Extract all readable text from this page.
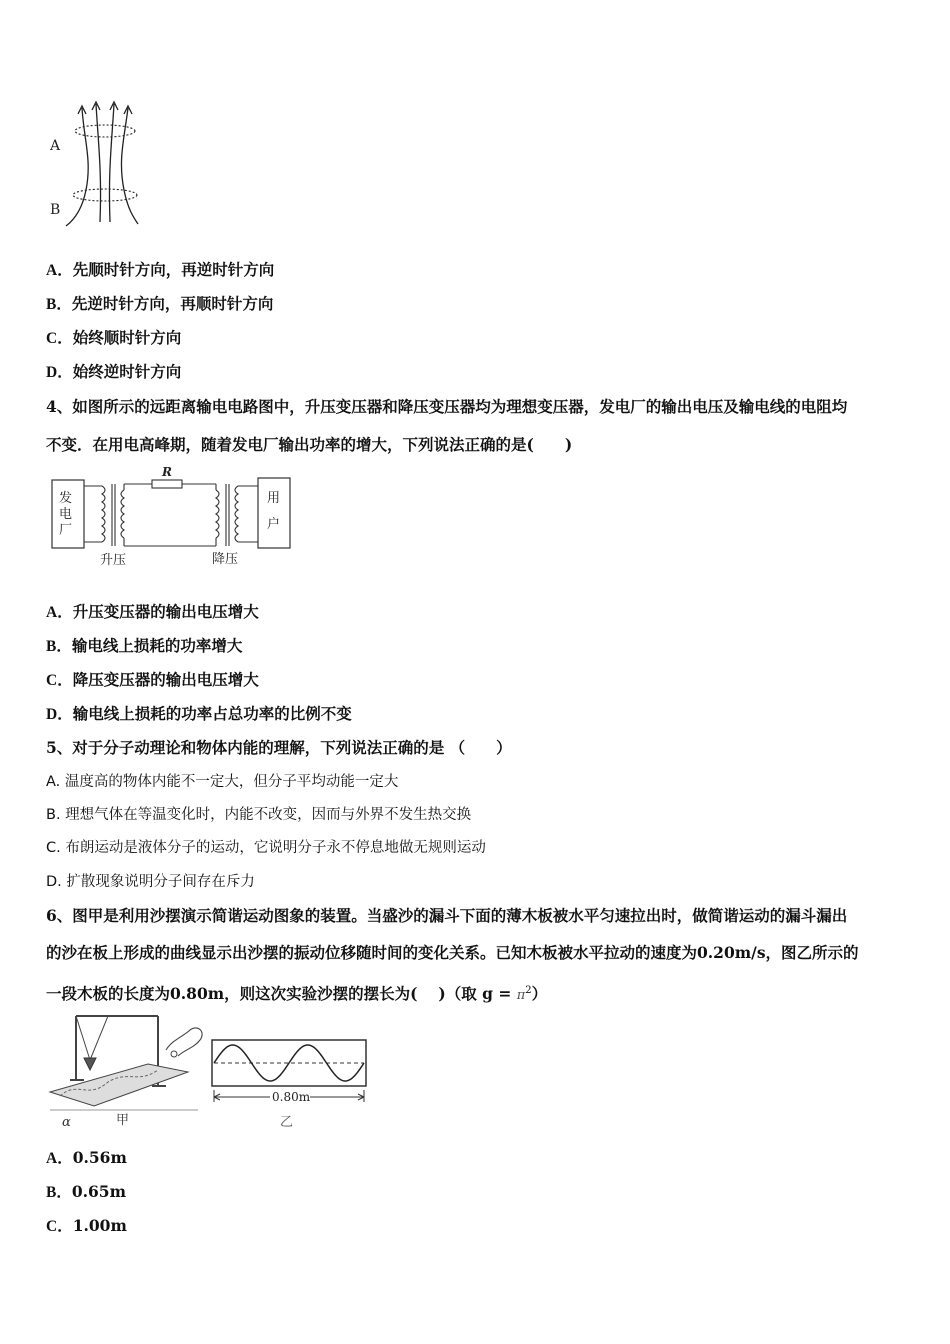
A
B
A．先顺时针方向，再逆时针方向
B．先逆时针方向，再顺时针方向
C．始终顺时针方向
D．始终逆时针方向
4、如图所示的远距离输电电路图中，升压变压器和降压变压器均为理想变压器，发电厂的输出电压及输电线的电阻均
不变．在用电高峰期，随着发电厂输出功率的增大，下列说法正确的是(　　)
发
电
厂
R
用
户
升压	降压
A．升压变压器的输出电压增大
B．输电线上损耗的功率增大
C．降压变压器的输出电压增大
D．输电线上损耗的功率占总功率的比例不变
5、对于分子动理论和物体内能的理解，下列说法正确的是 （　　）
A. 温度高的物体内能不一定大，但分子平均动能一定大
B. 理想气体在等温变化时，内能不改变，因而与外界不发生热交换
C. 布朗运动是液体分子的运动，它说明分子永不停息地做无规则运动
D. 扩散现象说明分子间存在斥力
6、图甲是利用沙摆演示简谐运动图象的装置。当盛沙的漏斗下面的薄木板被水平匀速拉出时，做简谐运动的漏斗漏出
的沙在板上形成的曲线显示出沙摆的振动位移随时间的变化关系。已知木板被水平拉动的速度为0.20m/s，图乙所示的
一段木板的长度为0.80m，则这次实验沙摆的摆长为(　 )（取 $g = \pi^2$）
α	甲
0.80m
乙
A．0.56m
B．0.65m
C．1.00m
